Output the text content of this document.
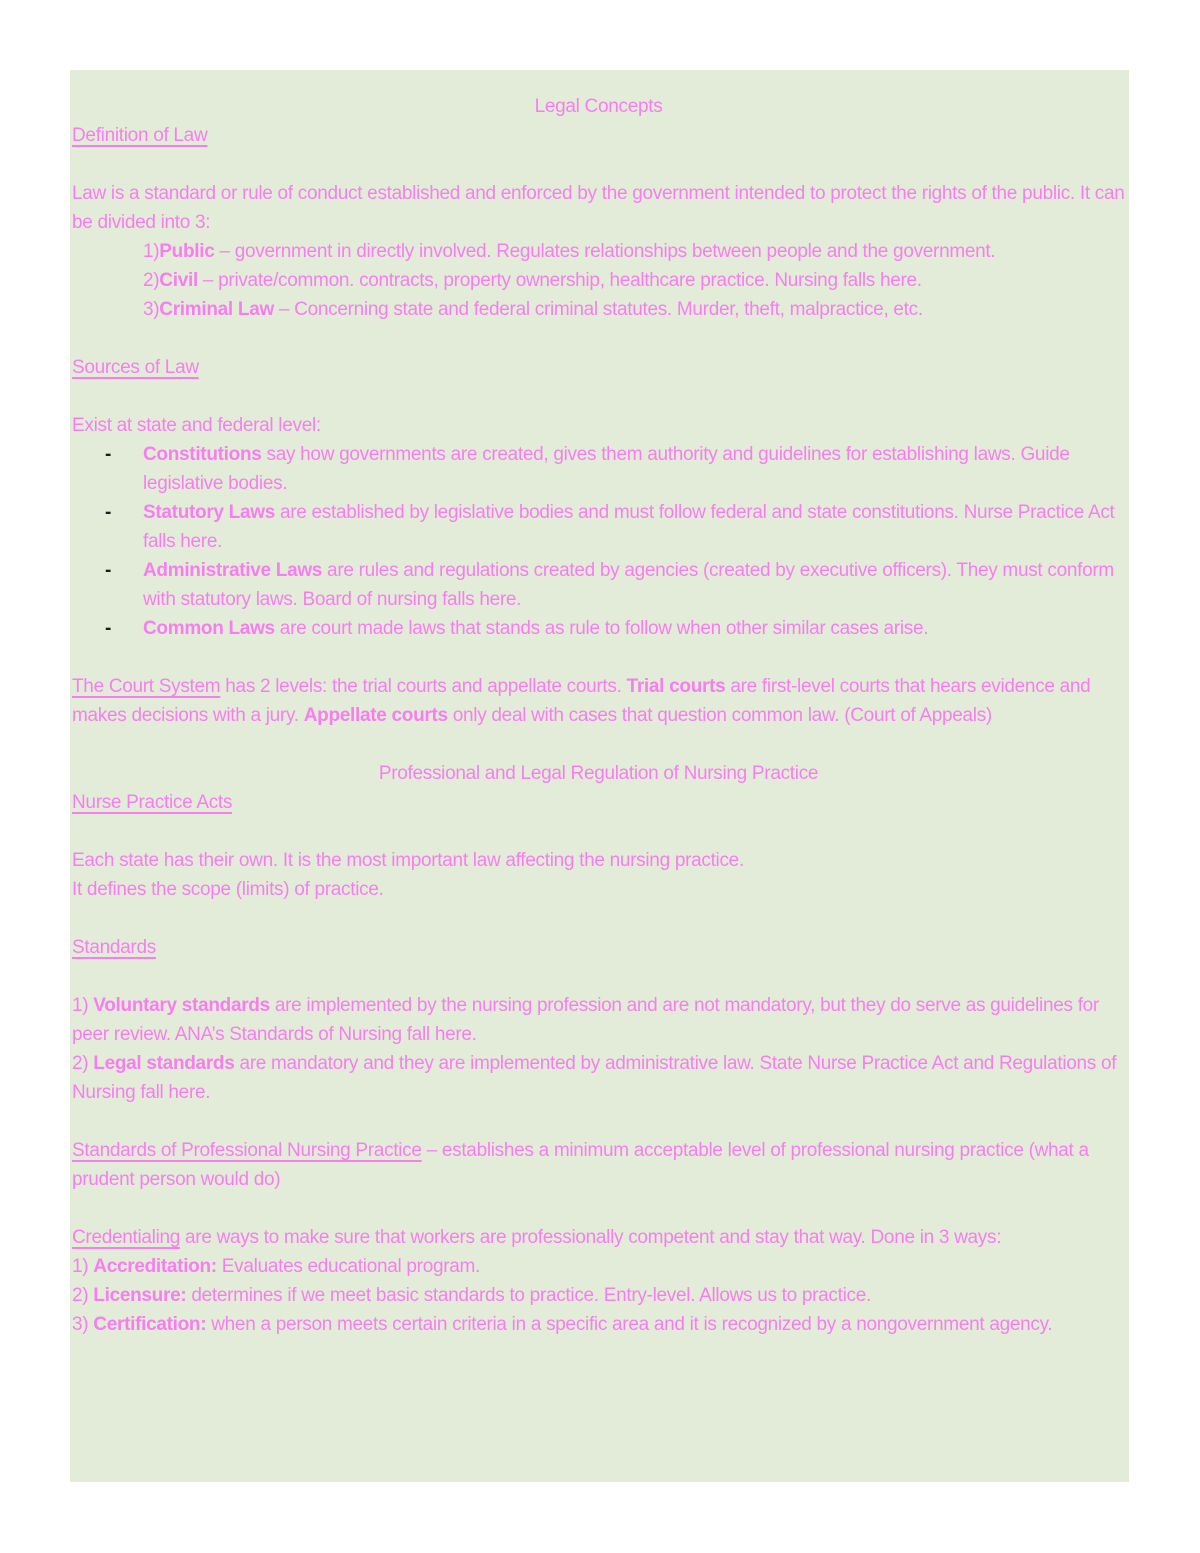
Legal Concepts
Definition of Law
Law is a standard or rule of conduct established and enforced by the government intended to protect the rights of the public. It can be divided into 3:
1)Public – government in directly involved. Regulates relationships between people and the government.
2)Civil – private/common. contracts, property ownership, healthcare practice. Nursing falls here.
3)Criminal Law – Concerning state and federal criminal statutes. Murder, theft, malpractice, etc.
Sources of Law
Exist at state and federal level:
-	Constitutions say how governments are created, gives them authority and guidelines for establishing laws. Guide legislative bodies.
-	Statutory Laws are established by legislative bodies and must follow federal and state constitutions. Nurse Practice Act falls here.
-	Administrative Laws are rules and regulations created by agencies (created by executive officers). They must conform with statutory laws. Board of nursing falls here.
-	Common Laws are court made laws that stands as rule to follow when other similar cases arise.
The Court System has 2 levels: the trial courts and appellate courts. Trial courts are first-level courts that hears evidence and makes decisions with a jury. Appellate courts only deal with cases that question common law. (Court of Appeals)
Professional and Legal Regulation of Nursing Practice
Nurse Practice Acts
Each state has their own. It is the most important law affecting the nursing practice.
It defines the scope (limits) of practice.
Standards
1) Voluntary standards are implemented by the nursing profession and are not mandatory, but they do serve as guidelines for peer review. ANA’s Standards of Nursing fall here.
2) Legal standards are mandatory and they are implemented by administrative law. State Nurse Practice Act and Regulations of Nursing fall here.
Standards of Professional Nursing Practice – establishes a minimum acceptable level of professional nursing practice (what a prudent person would do)
Credentialing are ways to make sure that workers are professionally competent and stay that way. Done in 3 ways:
1) Accreditation: Evaluates educational program.
2) Licensure: determines if we meet basic standards to practice. Entry-level. Allows us to practice.
3) Certification: when a person meets certain criteria in a specific area and it is recognized by a nongovernment agency.
